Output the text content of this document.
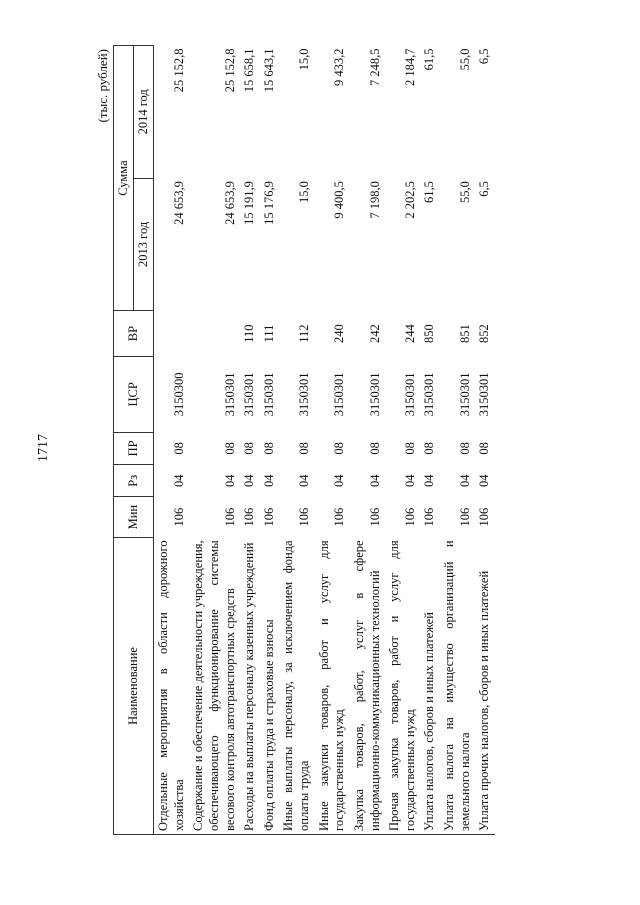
1717
(тыс. рублей)
Наименование	Мин	Рз	ПР	ЦСР	ВР	Сумма	
						2013 год	2014 год
Отдельные мероприятия в области дорожного хозяйства	106	04	08	3150300		24 653,9	25 152,8
Содержание и обеспечение деятельности учреждения, обеспечивающего функционирование системы весового контроля автотранспортных средств	106	04	08	3150301		24 653,9	25 152,8
Расходы на выплаты персоналу казенных учреждений	106	04	08	3150301	110	15 191,9	15 658,1
Фонд оплаты труда и страховые взносы	106	04	08	3150301	111	15 176,9	15 643,1
Иные выплаты персоналу, за исключением фонда оплаты труда	106	04	08	3150301	112	15,0	15,0
Иные закупки товаров, работ и услуг для государственных нужд	106	04	08	3150301	240	9 400,5	9 433,2
Закупка товаров, работ, услуг в сфере информационно-коммуникационных технологий	106	04	08	3150301	242	7 198,0	7 248,5
Прочая закупка товаров, работ и услуг для государственных нужд	106	04	08	3150301	244	2 202,5	2 184,7
Уплата налогов, сборов и иных платежей	106	04	08	3150301	850	61,5	61,5
Уплата налога на имущество организаций и земельного налога	106	04	08	3150301	851	55,0	55,0
Уплата прочих налогов, сборов и иных платежей	106	04	08	3150301	852	6,5	6,5
